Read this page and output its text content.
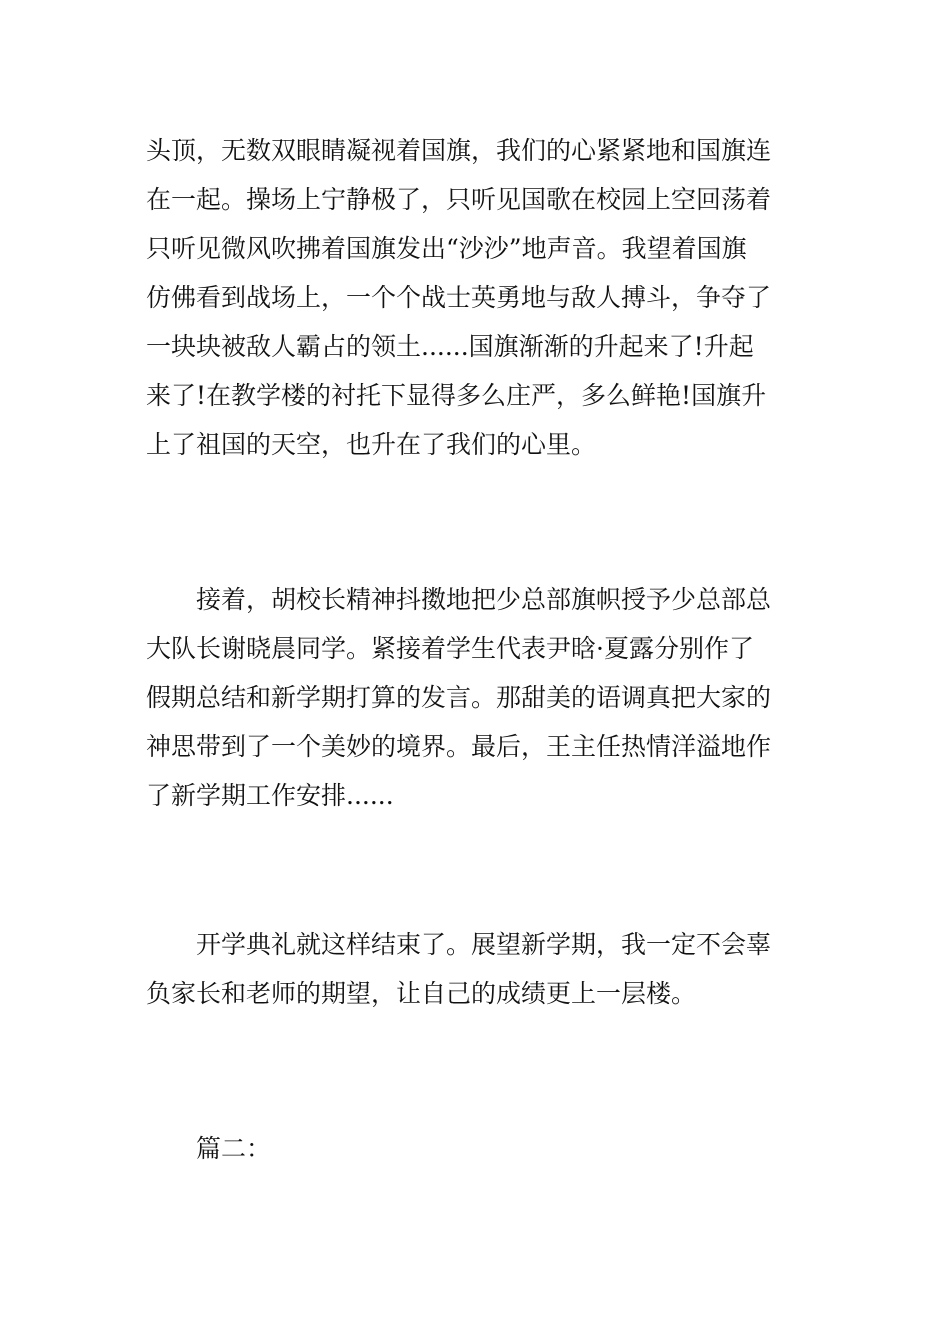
头顶，无数双眼睛凝视着国旗，我们的心紧紧地和国旗连
在一起。操场上宁静极了，只听见国歌在校园上空回荡着
只听见微风吹拂着国旗发出“沙沙”地声音。我望着国旗
仿佛看到战场上，一个个战士英勇地与敌人搏斗，争夺了
一块块被敌人霸占的领土......国旗渐渐的升起来了!升起
来了!在教学楼的衬托下显得多么庄严，多么鲜艳!国旗升
上了祖国的天空，也升在了我们的心里。
　　接着，胡校长精神抖擞地把少总部旗帜授予少总部总
大队长谢晓晨同学。紧接着学生代表尹晗·夏露分别作了
假期总结和新学期打算的发言。那甜美的语调真把大家的
神思带到了一个美妙的境界。最后，王主任热情洋溢地作
了新学期工作安排......
　　开学典礼就这样结束了。展望新学期，我一定不会辜
负家长和老师的期望，让自己的成绩更上一层楼。
篇二：
